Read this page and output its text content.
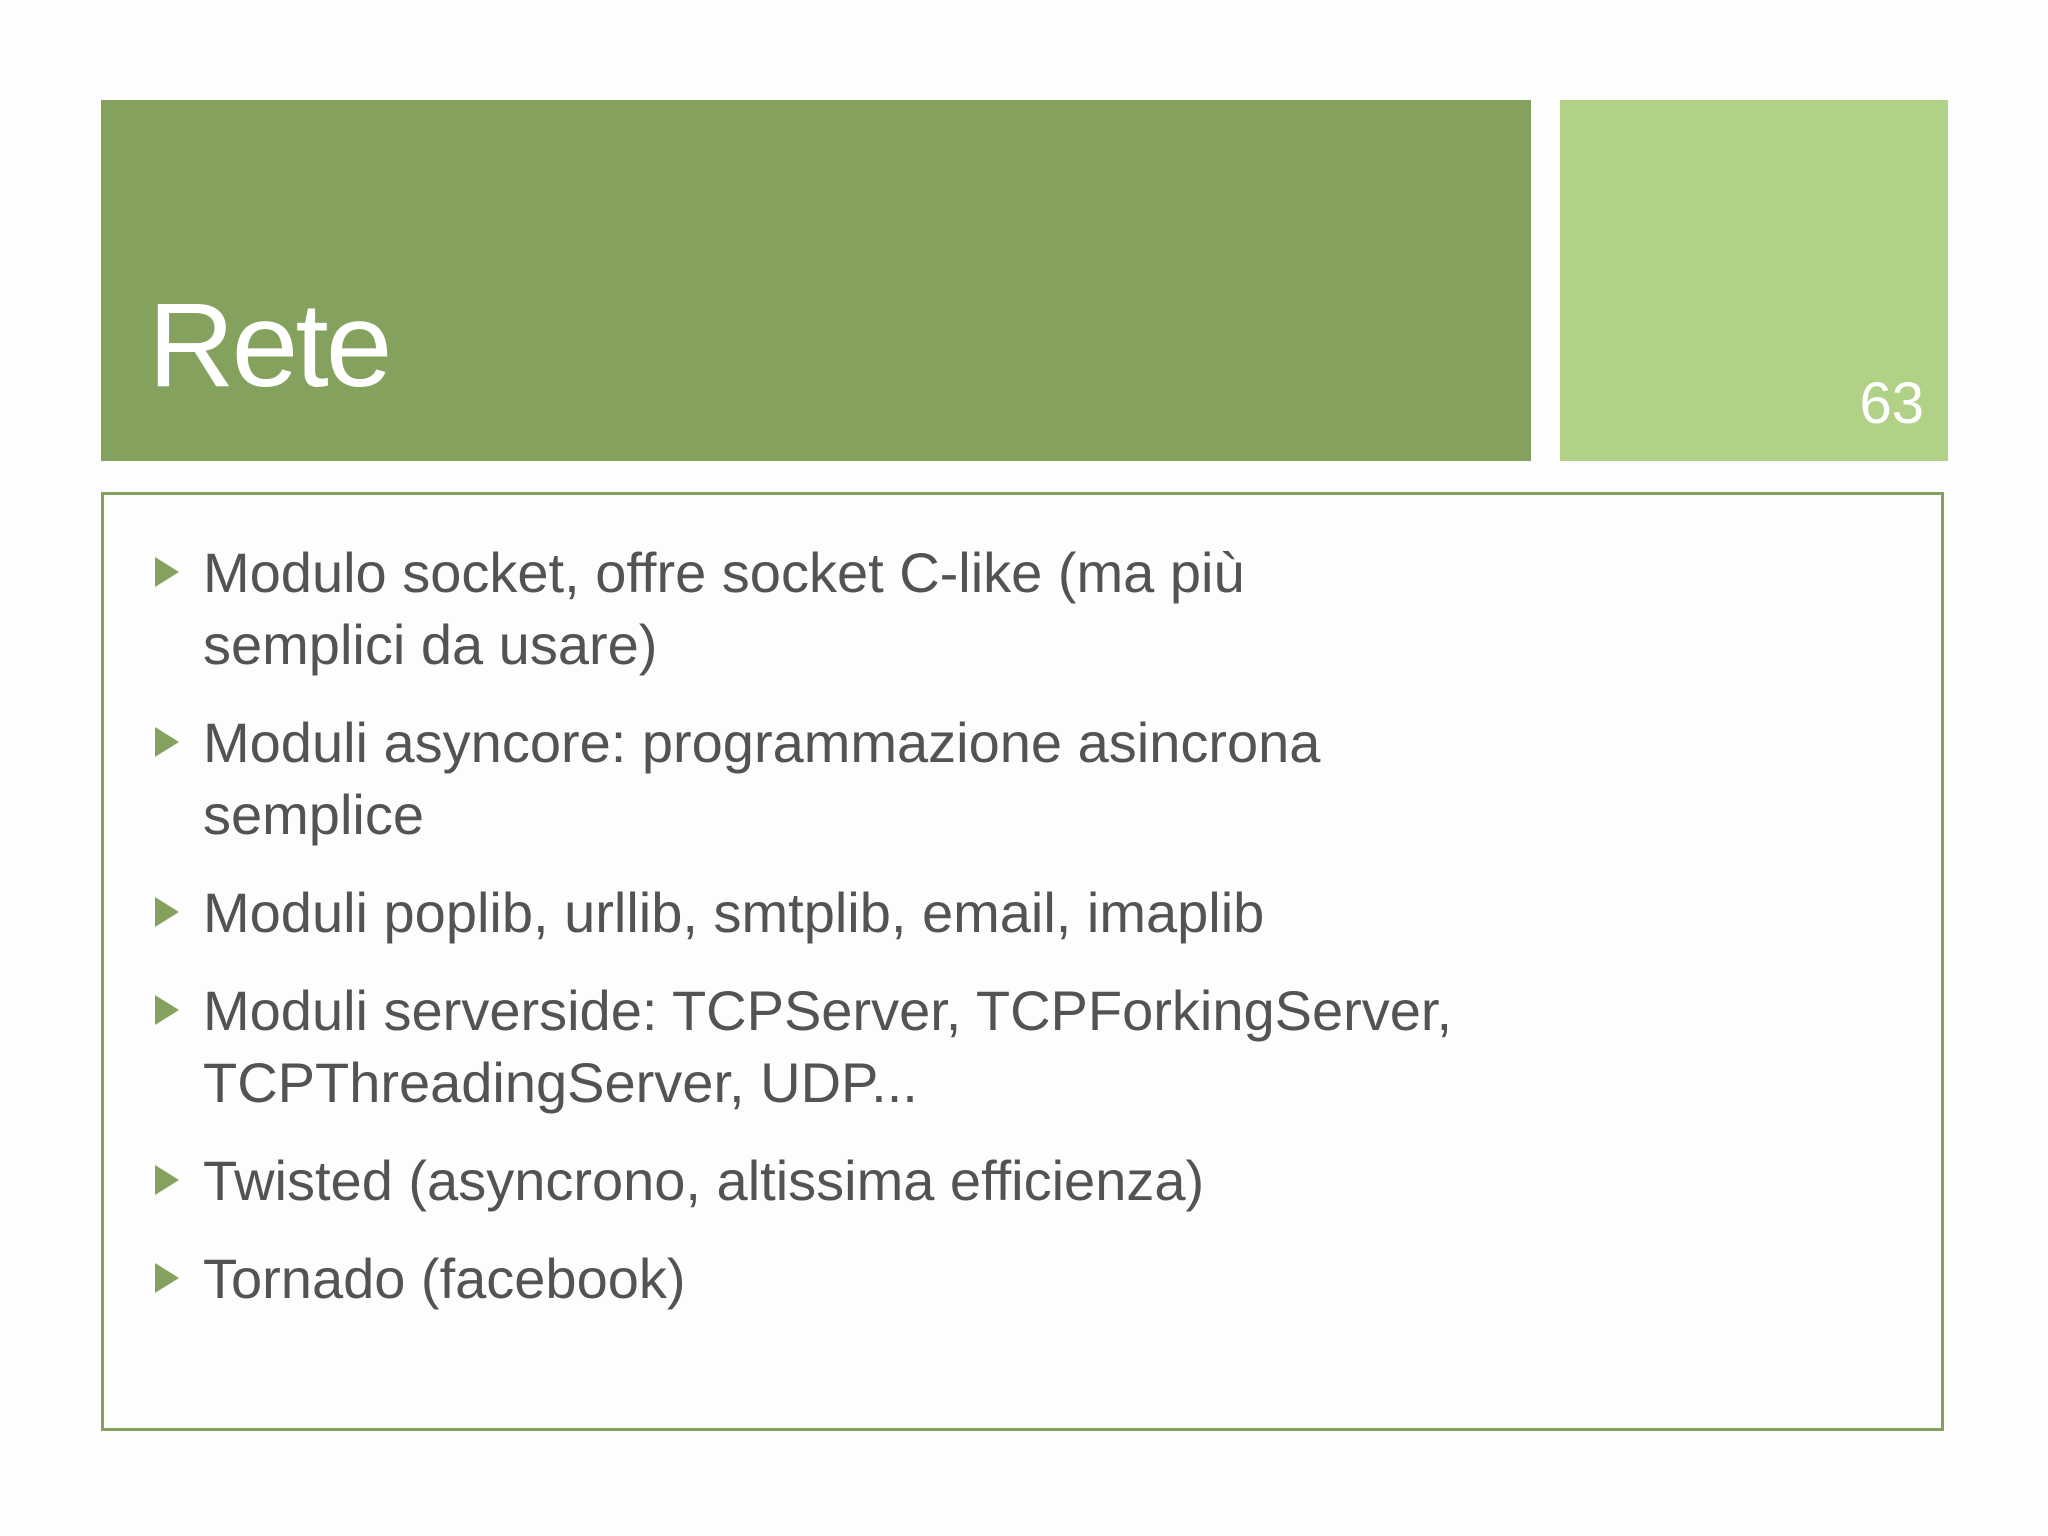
Rete	63
Modulo socket, offre socket C-like (ma più
semplici da usare)
Moduli asyncore: programmazione asincrona
semplice
Moduli poplib, urllib, smtplib, email, imaplib
Moduli serverside: TCPServer, TCPForkingServer,
TCPThreadingServer, UDP...
Twisted (asyncrono, altissima efficienza)
Tornado (facebook)
